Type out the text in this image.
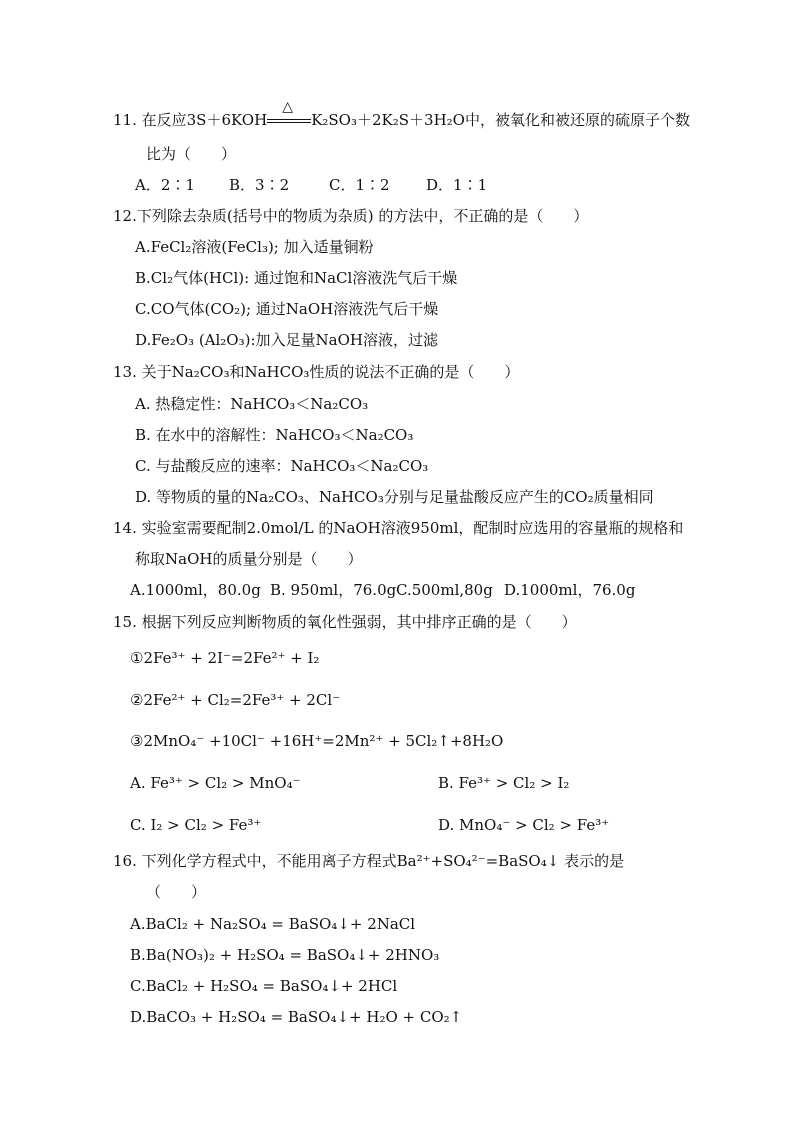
11. 在反应3S＋6KOH
△
K₂SO₃＋2K₂S＋3H₂O中，被氧化和被还原的硫原子个数
比为（　　）
A．2∶1 B．3∶2	C．1∶2 D．1∶1
12.下列除去杂质(括号中的物质为杂质) 的方法中，不正确的是（　　）
A.FeCl₂溶液(FeCl₃); 加入适量铜粉
B.Cl₂气体(HCl): 通过饱和NaCl溶液洗气后干燥
C.CO气体(CO₂); 通过NaOH溶液洗气后干燥
D.Fe₂O₃ (Al₂O₃):加入足量NaOH溶液，过滤
13. 关于Na₂CO₃和NaHCO₃性质的说法不正确的是（　　）
A. 热稳定性：NaHCO₃＜Na₂CO₃
B. 在水中的溶解性：NaHCO₃＜Na₂CO₃
C. 与盐酸反应的速率：NaHCO₃＜Na₂CO₃
D. 等物质的量的Na₂CO₃、NaHCO₃分别与足量盐酸反应产生的CO₂质量相同
14. 实验室需要配制2.0mol/L 的NaOH溶液950ml，配制时应选用的容量瓶的规格和
称取NaOH的质量分别是（　　）
A.1000ml，80.0g B. 950ml，76.0g C.500ml,80g D.1000ml，76.0g
15. 根据下列反应判断物质的氧化性强弱，其中排序正确的是（　　）
①2Fe³⁺ + 2I⁻=2Fe²⁺ + I₂
②2Fe²⁺ + Cl₂=2Fe³⁺ + 2Cl⁻
③2MnO₄⁻ +10Cl⁻ +16H⁺=2Mn²⁺ + 5Cl₂↑+8H₂O
A. Fe³⁺ > Cl₂ > MnO₄⁻	B. Fe³⁺ > Cl₂ > I₂
C. I₂ > Cl₂ > Fe³⁺	D. MnO₄⁻ > Cl₂ > Fe³⁺
16. 下列化学方程式中，不能用离子方程式Ba²⁺+SO₄²⁻=BaSO₄↓ 表示的是
（　　）
A.BaCl₂ + Na₂SO₄ = BaSO₄↓+ 2NaCl
B.Ba(NO₃)₂ + H₂SO₄ = BaSO₄↓+ 2HNO₃
C.BaCl₂ + H₂SO₄ = BaSO₄↓+ 2HCl
D.BaCO₃ + H₂SO₄ = BaSO₄↓+ H₂O + CO₂↑
